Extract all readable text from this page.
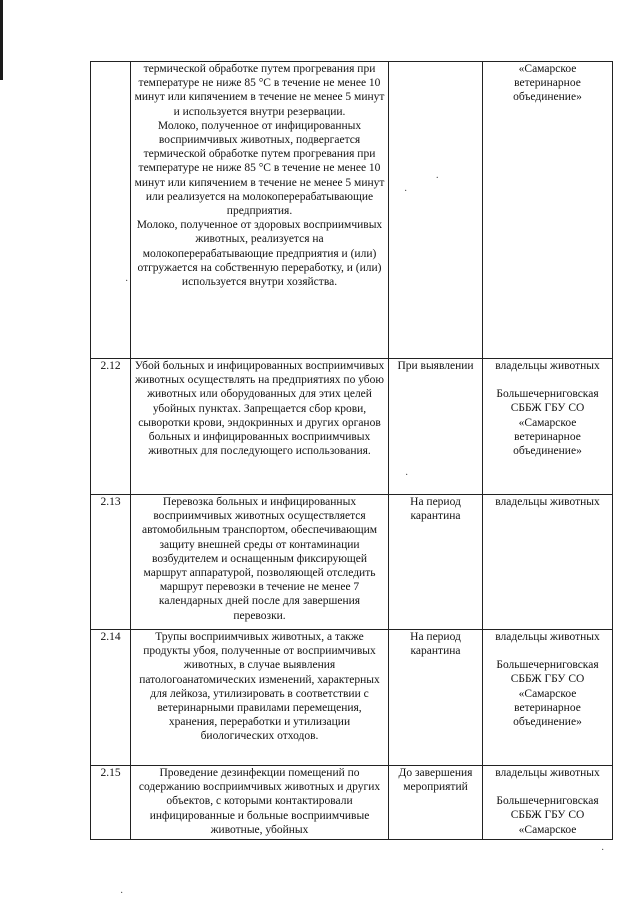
	термической обработке путем прогревания при температуре не ниже 85 °С в течение не менее 10 минут или кипячением в течение не менее 5 минут и используется внутри резервации.
Молоко, полученное от инфицированных восприимчивых животных, подвергается термической обработке путем прогревания при температуре не ниже 85 °С в течение не менее 10 минут или кипячением в течение не менее 5 минут или реализуется на молокоперерабатывающие предприятия.
Молоко, полученное от здоровых восприимчивых животных, реализуется на молокоперерабатывающие предприятия и (или) отгружается на собственную переработку, и (или) используется внутри хозяйства.		«Самарское ветеринарное объединение»

2.12	Убой больных и инфицированных восприимчивых животных осуществлять на предприятиях по убою животных или оборудованных для этих целей убойных пунктах. Запрещается сбор крови, сыворотки крови, эндокринных и других органов больных и инфицированных восприимчивых животных для последующего использования.	При выявлении	владельцы животных
Большечерниговская СББЖ ГБУ СО «Самарское ветеринарное объединение»

2.13	Перевозка больных и инфицированных восприимчивых животных осуществляется автомобильным транспортом, обеспечивающим защиту внешней среды от контаминации возбудителем и оснащенным фиксирующей маршрут аппаратурой, позволяющей отследить маршрут перевозки в течение не менее 7 календарных дней после для завершения перевозки.	На период карантина	владельцы животных

2.14	Трупы восприимчивых животных, а также продукты убоя, полученные от восприимчивых животных, в случае выявления патологоанатомических изменений, характерных для лейкоза, утилизировать в соответствии с ветеринарными правилами перемещения, хранения, переработки и утилизации биологических отходов.	На период карантина	владельцы животных
Большечерниговская СББЖ ГБУ СО «Самарское ветеринарное объединение»

2.15	Проведение дезинфекции помещений по содержанию восприимчивых животных и других объектов, с которыми контактировали инфицированные и больные восприимчивые животные, убойных	До завершения мероприятий	владельцы животных
Большечерниговская СББЖ ГБУ СО «Самарское
.
·
·
·
·
·
